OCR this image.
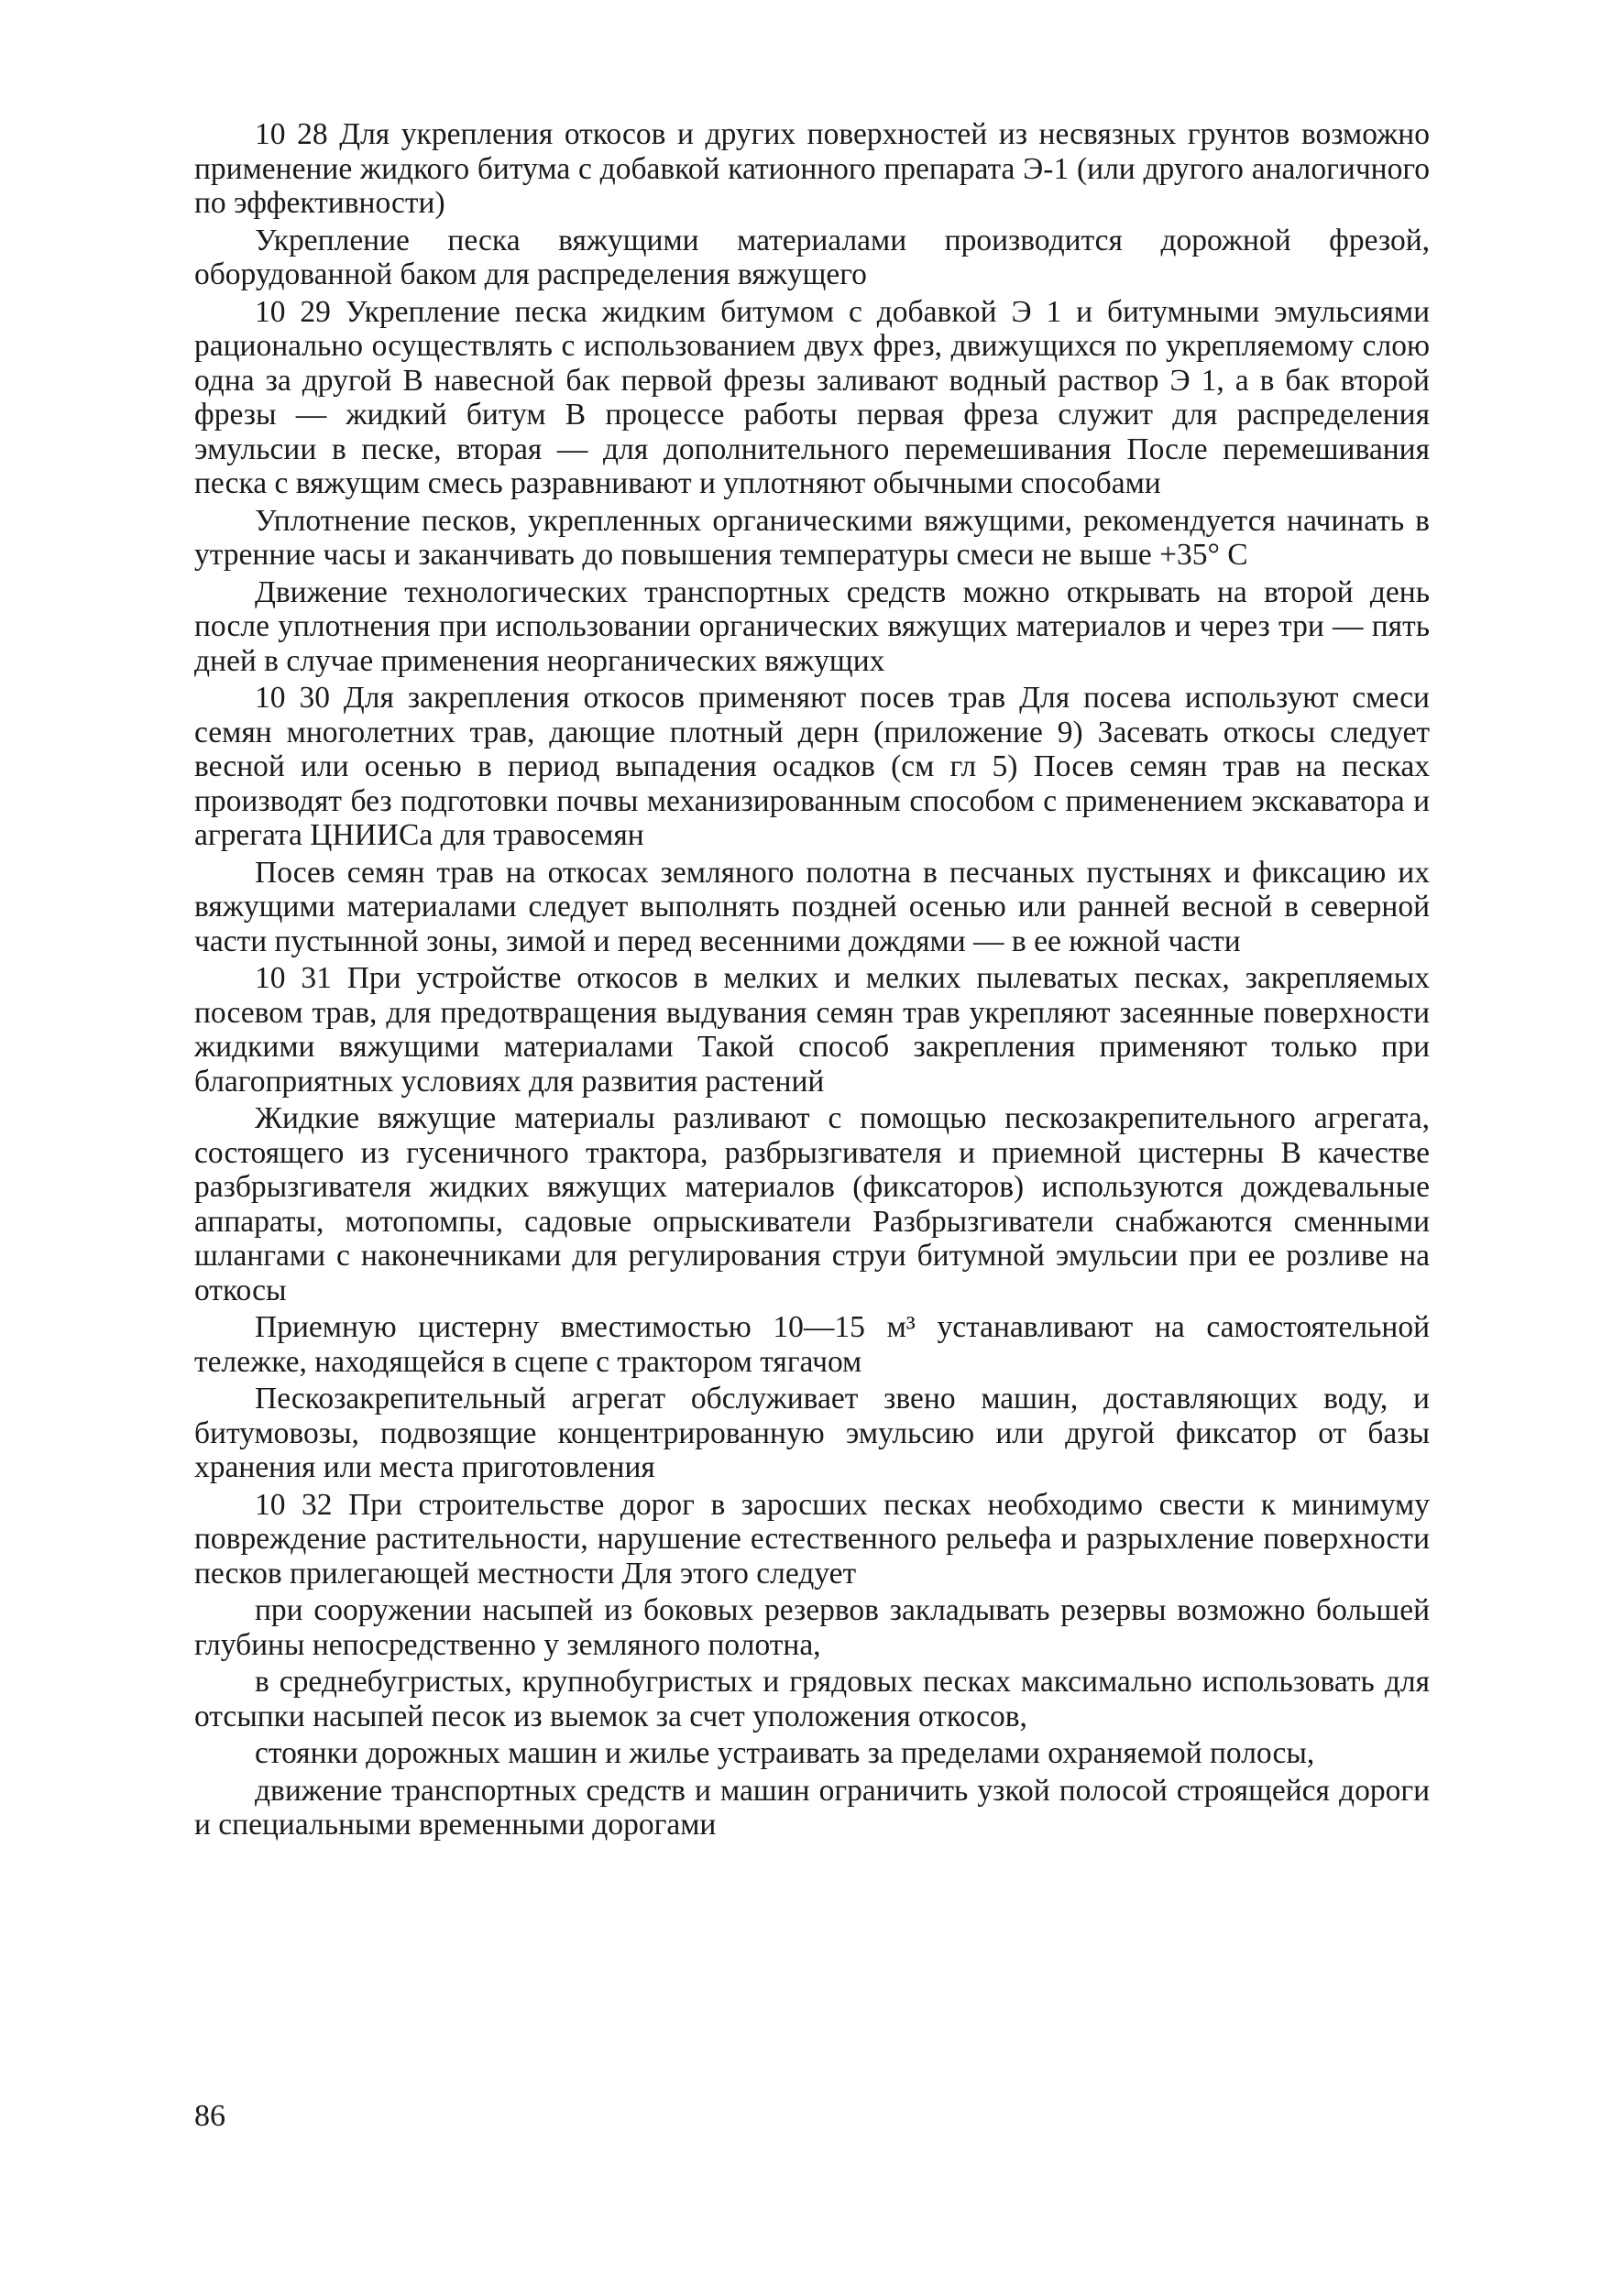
10 28 Для укрепления откосов и других поверхностей из несвязных грунтов возможно применение жидкого битума с добавкой катионного препарата Э-1 (или другого аналогичного по эффективности)

Укрепление песка вяжущими материалами производится дорожной фрезой, оборудованной баком для распределения вяжущего

10 29 Укрепление песка жидким битумом с добавкой Э 1 и битумными эмульсиями рационально осуществлять с использованием двух фрез, движущихся по укрепляемому слою одна за другой В навесной бак первой фрезы заливают водный раствор Э 1, а в бак второй фрезы — жидкий битум В процессе работы первая фреза служит для распределения эмульсии в песке, вторая — для дополнительного перемешивания После перемешивания песка с вяжущим смесь разравнивают и уплотняют обычными способами

Уплотнение песков, укрепленных органическими вяжущими, рекомендуется начинать в утренние часы и заканчивать до повышения температуры смеси не выше +35° С

Движение технологических транспортных средств можно открывать на второй день после уплотнения при использовании органических вяжущих материалов и через три — пять дней в случае применения неорганических вяжущих

10 30 Для закрепления откосов применяют посев трав Для посева используют смеси семян многолетних трав, дающие плотный дерн (приложение 9) Засевать откосы следует весной или осенью в период выпадения осадков (см гл 5) Посев семян трав на песках производят без подготовки почвы механизированным способом с применением экскаватора и агрегата ЦНИИСа для травосемян

Посев семян трав на откосах земляного полотна в песчаных пустынях и фиксацию их вяжущими материалами следует выполнять поздней осенью или ранней весной в северной части пустынной зоны, зимой и перед весенними дождями — в ее южной части

10 31 При устройстве откосов в мелких и мелких пылеватых песках, закрепляемых посевом трав, для предотвращения выдувания семян трав укрепляют засеянные поверхности жидкими вяжущими материалами Такой способ закрепления применяют только при благоприятных условиях для развития растений

Жидкие вяжущие материалы разливают с помощью пескозакрепительного агрегата, состоящего из гусеничного трактора, разбрызгивателя и приемной цистерны В качестве разбрызгивателя жидких вяжущих материалов (фиксаторов) используются дождевальные аппараты, мотопомпы, садовые опрыскиватели Разбрызгиватели снабжаются сменными шлангами с наконечниками для регулирования струи битумной эмульсии при ее розливе на откосы

Приемную цистерну вместимостью 10—15 м³ устанавливают на самостоятельной тележке, находящейся в сцепе с трактором тягачом

Пескозакрепительный агрегат обслуживает звено машин, доставляющих воду, и битумовозы, подвозящие концентрированную эмульсию или другой фиксатор от базы хранения или места приготовления

10 32 При строительстве дорог в заросших песках необходимо свести к минимуму повреждение растительности, нарушение естественного рельефа и разрыхление поверхности песков прилегающей местности Для этого следует

при сооружении насыпей из боковых резервов закладывать резервы возможно большей глубины непосредственно у земляного полотна,

в среднебугристых, крупнобугристых и грядовых песках максимально использовать для отсыпки насыпей песок из выемок за счет уположения откосов,

стоянки дорожных машин и жилье устраивать за пределами охраняемой полосы,

движение транспортных средств и машин ограничить узкой полосой строящейся дороги и специальными временными дорогами

86
